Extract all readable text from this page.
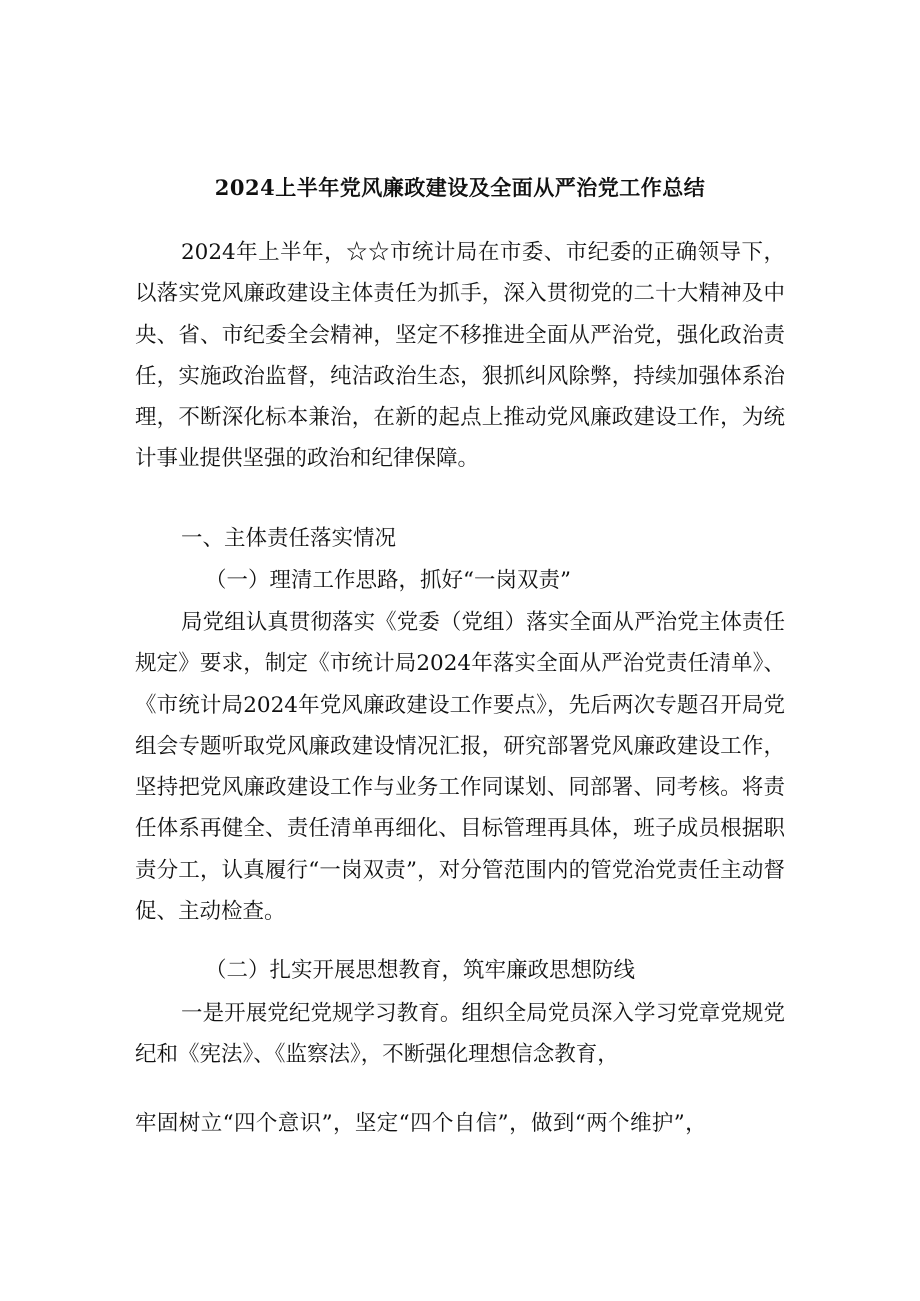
2024上半年党风廉政建设及全面从严治党工作总结
2024年上半年，☆☆市统计局在市委、市纪委的正确领导下，以落实党风廉政建设主体责任为抓手，深入贯彻党的二十大精神及中央、省、市纪委全会精神，坚定不移推进全面从严治党，强化政治责任，实施政治监督，纯洁政治生态，狠抓纠风除弊，持续加强体系治理，不断深化标本兼治，在新的起点上推动党风廉政建设工作，为统计事业提供坚强的政治和纪律保障。
一、主体责任落实情况
（一）理清工作思路，抓好“一岗双责”
局党组认真贯彻落实《党委（党组）落实全面从严治党主体责任规定》要求，制定《市统计局2024年落实全面从严治党责任清单》、《市统计局2024年党风廉政建设工作要点》，先后两次专题召开局党组会专题听取党风廉政建设情况汇报，研究部署党风廉政建设工作，坚持把党风廉政建设工作与业务工作同谋划、同部署、同考核。将责任体系再健全、责任清单再细化、目标管理再具体，班子成员根据职责分工，认真履行“一岗双责”，对分管范围内的管党治党责任主动督促、主动检查。
（二）扎实开展思想教育，筑牢廉政思想防线
一是开展党纪党规学习教育。组织全局党员深入学习党章党规党纪和《宪法》、《监察法》，不断强化理想信念教育，
牢固树立“四个意识”，坚定“四个自信”，做到“两个维护”，
